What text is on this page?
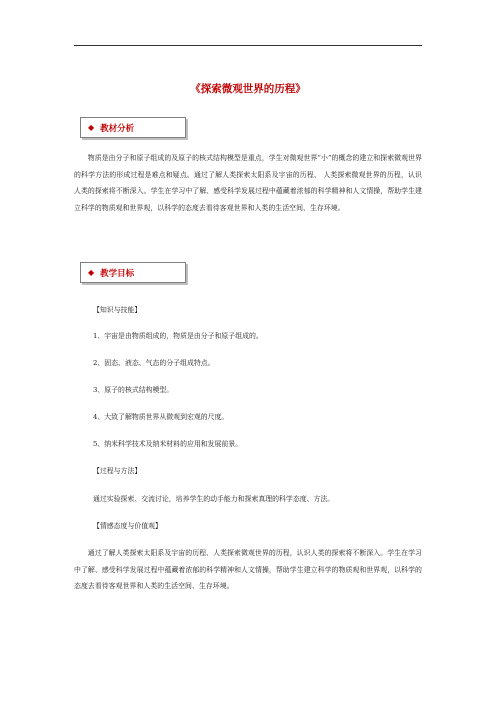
《探索微观世界的历程》
◆ 教材分析
物质是由分子和原子组成的及原子的核式结构模型是重点，学生对微观世界“小”的概念的建立和探索微观世界的科学方法的形成过程是难点和疑点。通过了解人类探索太阳系及宇宙的历程、 人类探索微观世界的历程，认识人类的探索将不断深入。学生在学习中了解、感受科学发展过程中蕴藏着浓郁的科学精神和人文情操，帮助学生建立科学的物质观和世界观，以科学的态度去看待客观世界和人类的生活空间、生存环境。
◆ 教学目标
【知识与技能】
1、宇宙是由物质组成的，物质是由分子和原子组成的。
2、固态、液态、气态的分子组成特点。
3、原子的核式结构模型。
4、大致了解物质世界从微观到宏观的尺度。
5、纳米科学技术及纳米材料的应用和发展前景。
【过程与方法】
通过实验探索、交流讨论，培养学生的动手能力和探索真理的科学态度、方法。
【情感态度与价值观】
通过了解人类探索太阳系及宇宙的历程、人类探索微观世界的历程，认识人类的探索将不断深入。学生在学习中了解、感受科学发展过程中蕴藏着浓郁的科学精神和人文情操，帮助学生建立科学的物质观和世界观，以科学的态度去看待客观世界和人类的生活空间、生存环境。
